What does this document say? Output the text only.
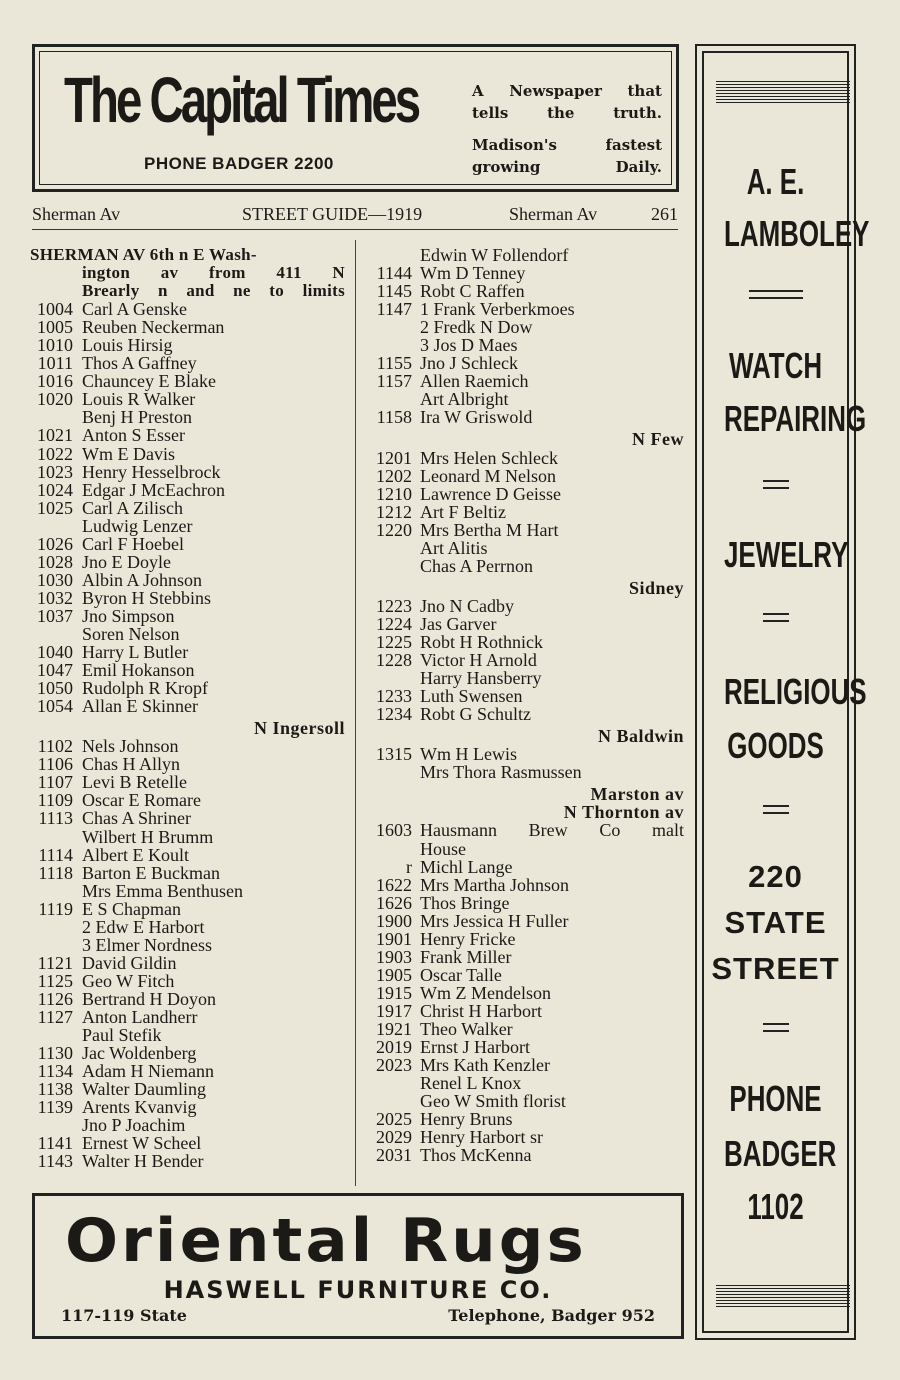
The Capital Times
PHONE BADGER 2200
A Newspaper that
tells the truth.
Madison's fastest
growing Daily.	A. E.
LAMBOLEY
WATCH
REPAIRING
JEWELRY
RELIGIOUS
GOODS
220
STATE
STREET
PHONE
BADGER
1102
Sherman Av	STREET GUIDE—1919	Sherman Av	261
SHERMAN AV 6th n E Wash-
ington av from 411 N
Brearly n and ne to limits
1004 Carl A Genske
1005 Reuben Neckerman
1010 Louis Hirsig
1011 Thos A Gaffney
1016 Chauncey E Blake
1020 Louis R Walker
Benj H Preston
1021 Anton S Esser
1022 Wm E Davis
1023 Henry Hesselbrock
1024 Edgar J McEachron
1025 Carl A Zilisch
Ludwig Lenzer
1026 Carl F Hoebel
1028 Jno E Doyle
1030 Albin A Johnson
1032 Byron H Stebbins
1037 Jno Simpson
Soren Nelson
1040 Harry L Butler
1047 Emil Hokanson
1050 Rudolph R Kropf
1054 Allan E Skinner
N Ingersoll
1102 Nels Johnson
1106 Chas H Allyn
1107 Levi B Retelle
1109 Oscar E Romare
1113 Chas A Shriner
Wilbert H Brumm
1114 Albert E Koult
1118 Barton E Buckman
Mrs Emma Benthusen
1119 E S Chapman
2 Edw E Harbort
3 Elmer Nordness
1121 David Gildin
1125 Geo W Fitch
1126 Bertrand H Doyon
1127 Anton Landherr
Paul Stefik
1130 Jac Woldenberg
1134 Adam H Niemann
1138 Walter Daumling
1139 Arents Kvanvig
Jno P Joachim
1141 Ernest W Scheel
1143 Walter H Bender
Edwin W Follendorf
1144 Wm D Tenney
1145 Robt C Raffen
1147 1 Frank Verberkmoes
2 Fredk N Dow
3 Jos D Maes
1155 Jno J Schleck
1157 Allen Raemich
Art Albright
1158 Ira W Griswold
N Few
1201 Mrs Helen Schleck
1202 Leonard M Nelson
1210 Lawrence D Geisse
1212 Art F Beltiz
1220 Mrs Bertha M Hart
Art Alitis
Chas A Perrnon
Sidney
1223 Jno N Cadby
1224 Jas Garver
1225 Robt H Rothnick
1228 Victor H Arnold
Harry Hansberry
1233 Luth Swensen
1234 Robt G Schultz
N Baldwin
1315 Wm H Lewis
Mrs Thora Rasmussen
Marston av
N Thornton av
1603 Hausmann Brew Co malt
House
r Michl Lange
1622 Mrs Martha Johnson
1626 Thos Bringe
1900 Mrs Jessica H Fuller
1901 Henry Fricke
1903 Frank Miller
1905 Oscar Talle
1915 Wm Z Mendelson
1917 Christ H Harbort
1921 Theo Walker
2019 Ernst J Harbort
2023 Mrs Kath Kenzler
Renel L Knox
Geo W Smith florist
2025 Henry Bruns
2029 Henry Harbort sr
2031 Thos McKenna
Oriental Rugs
HASWELL FURNITURE CO.
117-119 State	Telephone, Badger 952
